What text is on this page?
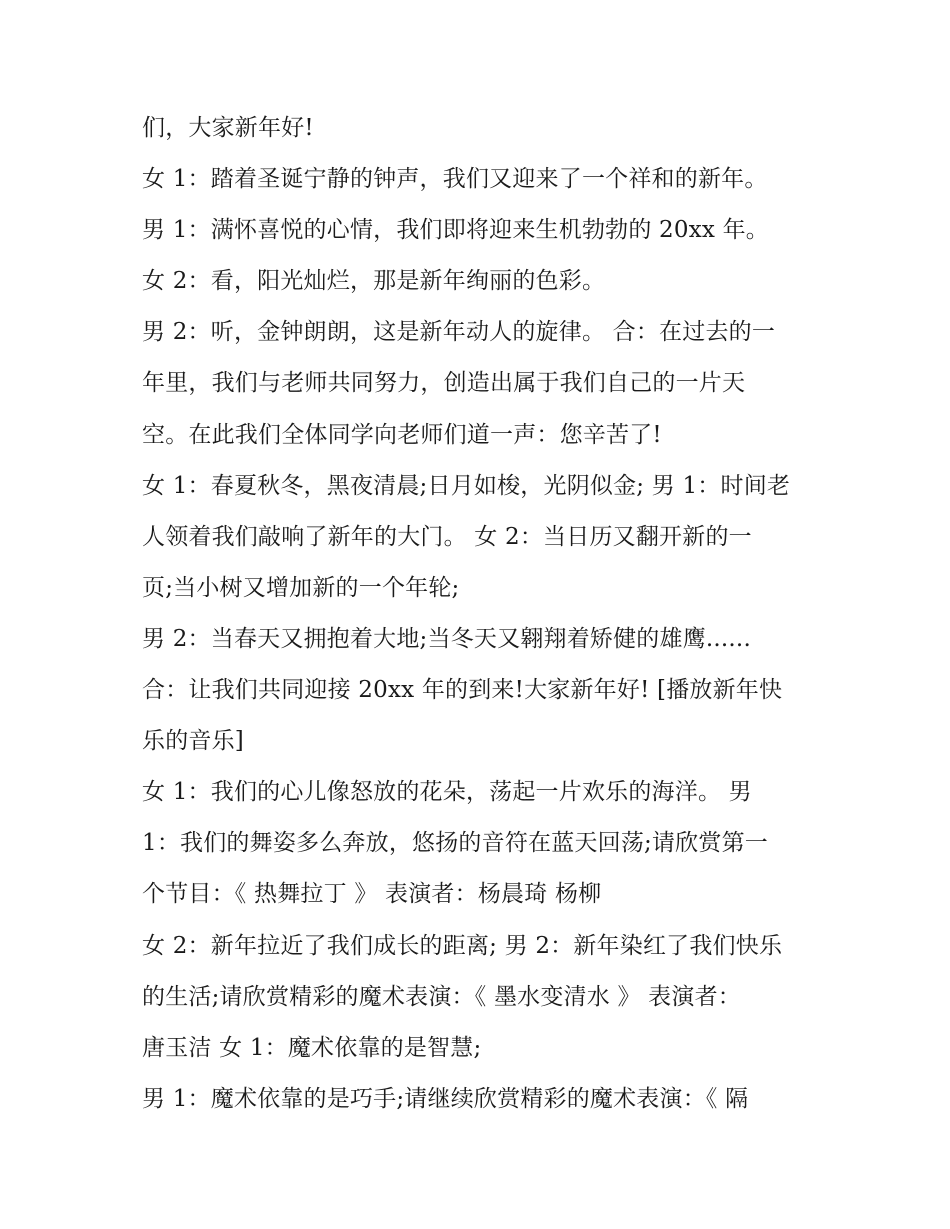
们，大家新年好!
女 1：踏着圣诞宁静的钟声，我们又迎来了一个祥和的新年。
男 1：满怀喜悦的心情，我们即将迎来生机勃勃的 20xx 年。
女 2：看，阳光灿烂，那是新年绚丽的色彩。
男 2：听，金钟朗朗，这是新年动人的旋律。 合：在过去的一
年里，我们与老师共同努力，创造出属于我们自己的一片天
空。在此我们全体同学向老师们道一声：您辛苦了!
女 1：春夏秋冬，黑夜清晨;日月如梭，光阴似金; 男 1：时间老
人领着我们敲响了新年的大门。 女 2：当日历又翻开新的一
页;当小树又增加新的一个年轮;
男 2：当春天又拥抱着大地;当冬天又翱翔着矫健的雄鹰......
合：让我们共同迎接 20xx 年的到来!大家新年好! [播放新年快
乐的音乐]
女 1：我们的心儿像怒放的花朵，荡起一片欢乐的海洋。 男
1：我们的舞姿多么奔放，悠扬的音符在蓝天回荡;请欣赏第一
个节目：《 热舞拉丁 》 表演者：杨晨琦 杨柳
女 2：新年拉近了我们成长的距离; 男 2：新年染红了我们快乐
的生活;请欣赏精彩的魔术表演：《 墨水变清水 》 表演者：
唐玉洁 女 1：魔术依靠的是智慧;
男 1：魔术依靠的是巧手;请继续欣赏精彩的魔术表演：《 隔
